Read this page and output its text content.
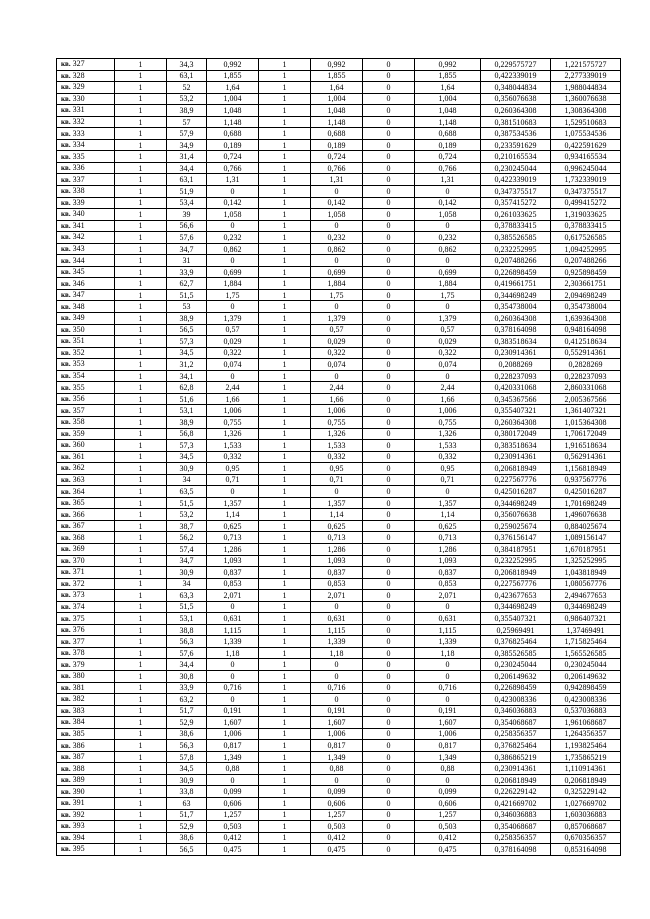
кв. 327	1	34,3	0,992	1	0,992	0	0,992	0,229575727	1,221575727
кв. 328	1	63,1	1,855	1	1,855	0	1,855	0,422339019	2,277339019
кв. 329	1	52	1,64	1	1,64	0	1,64	0,348044834	1,988044834
кв. 330	1	53,2	1,004	1	1,004	0	1,004	0,356076638	1,360076638
кв. 331	1	38,9	1,048	1	1,048	0	1,048	0,260364308	1,308364308
кв. 332	1	57	1,148	1	1,148	0	1,148	0,381510683	1,529510683
кв. 333	1	57,9	0,688	1	0,688	0	0,688	0,387534536	1,075534536
кв. 334	1	34,9	0,189	1	0,189	0	0,189	0,233591629	0,422591629
кв. 335	1	31,4	0,724	1	0,724	0	0,724	0,210165534	0,934165534
кв. 336	1	34,4	0,766	1	0,766	0	0,766	0,230245044	0,996245044
кв. 337	1	63,1	1,31	1	1,31	0	1,31	0,422339019	1,732339019
кв. 338	1	51,9	0	1	0	0	0	0,347375517	0,347375517
кв. 339	1	53,4	0,142	1	0,142	0	0,142	0,357415272	0,499415272
кв. 340	1	39	1,058	1	1,058	0	1,058	0,261033625	1,319033625
кв. 341	1	56,6	0	1	0	0	0	0,378833415	0,378833415
кв. 342	1	57,6	0,232	1	0,232	0	0,232	0,385526585	0,617526585
кв. 343	1	34,7	0,862	1	0,862	0	0,862	0,232252995	1,094252995
кв. 344	1	31	0	1	0	0	0	0,207488266	0,207488266
кв. 345	1	33,9	0,699	1	0,699	0	0,699	0,226898459	0,925898459
кв. 346	1	62,7	1,884	1	1,884	0	1,884	0,419661751	2,303661751
кв. 347	1	51,5	1,75	1	1,75	0	1,75	0,344698249	2,094698249
кв. 348	1	53	0	1	0	0	0	0,354738004	0,354738004
кв. 349	1	38,9	1,379	1	1,379	0	1,379	0,260364308	1,639364308
кв. 350	1	56,5	0,57	1	0,57	0	0,57	0,378164098	0,948164098
кв. 351	1	57,3	0,029	1	0,029	0	0,029	0,383518634	0,412518634
кв. 352	1	34,5	0,322	1	0,322	0	0,322	0,230914361	0,552914361
кв. 353	1	31,2	0,074	1	0,074	0	0,074	0,2088269	0,2828269
кв. 354	1	34,1	0	1	0	0	0	0,228237093	0,228237093
кв. 355	1	62,8	2,44	1	2,44	0	2,44	0,420331068	2,860331068
кв. 356	1	51,6	1,66	1	1,66	0	1,66	0,345367566	2,005367566
кв. 357	1	53,1	1,006	1	1,006	0	1,006	0,355407321	1,361407321
кв. 358	1	38,9	0,755	1	0,755	0	0,755	0,260364308	1,015364308
кв. 359	1	56,8	1,326	1	1,326	0	1,326	0,380172049	1,706172049
кв. 360	1	57,3	1,533	1	1,533	0	1,533	0,383518634	1,916518634
кв. 361	1	34,5	0,332	1	0,332	0	0,332	0,230914361	0,562914361
кв. 362	1	30,9	0,95	1	0,95	0	0,95	0,206818949	1,156818949
кв. 363	1	34	0,71	1	0,71	0	0,71	0,227567776	0,937567776
кв. 364	1	63,5	0	1	0	0	0	0,425016287	0,425016287
кв. 365	1	51,5	1,357	1	1,357	0	1,357	0,344698249	1,701698249
кв. 366	1	53,2	1,14	1	1,14	0	1,14	0,356076638	1,496076638
кв. 367	1	38,7	0,625	1	0,625	0	0,625	0,259025674	0,884025674
кв. 368	1	56,2	0,713	1	0,713	0	0,713	0,376156147	1,089156147
кв. 369	1	57,4	1,286	1	1,286	0	1,286	0,384187951	1,670187951
кв. 370	1	34,7	1,093	1	1,093	0	1,093	0,232252995	1,325252995
кв. 371	1	30,9	0,837	1	0,837	0	0,837	0,206818949	1,043818949
кв. 372	1	34	0,853	1	0,853	0	0,853	0,227567776	1,080567776
кв. 373	1	63,3	2,071	1	2,071	0	2,071	0,423677653	2,494677653
кв. 374	1	51,5	0	1	0	0	0	0,344698249	0,344698249
кв. 375	1	53,1	0,631	1	0,631	0	0,631	0,355407321	0,986407321
кв. 376	1	38,8	1,115	1	1,115	0	1,115	0,25969491	1,37469491
кв. 377	1	56,3	1,339	1	1,339	0	1,339	0,376825464	1,715825464
кв. 378	1	57,6	1,18	1	1,18	0	1,18	0,385526585	1,565526585
кв. 379	1	34,4	0	1	0	0	0	0,230245044	0,230245044
кв. 380	1	30,8	0	1	0	0	0	0,206149632	0,206149632
кв. 381	1	33,9	0,716	1	0,716	0	0,716	0,226898459	0,942898459
кв. 382	1	63,2	0	1	0	0	0	0,423008336	0,423008336
кв. 383	1	51,7	0,191	1	0,191	0	0,191	0,346036883	0,537036883
кв. 384	1	52,9	1,607	1	1,607	0	1,607	0,354068687	1,961068687
кв. 385	1	38,6	1,006	1	1,006	0	1,006	0,258356357	1,264356357
кв. 386	1	56,3	0,817	1	0,817	0	0,817	0,376825464	1,193825464
кв. 387	1	57,8	1,349	1	1,349	0	1,349	0,386865219	1,735865219
кв. 388	1	34,5	0,88	1	0,88	0	0,88	0,230914361	1,110914361
кв. 389	1	30,9	0	1	0	0	0	0,206818949	0,206818949
кв. 390	1	33,8	0,099	1	0,099	0	0,099	0,226229142	0,325229142
кв. 391	1	63	0,606	1	0,606	0	0,606	0,421669702	1,027669702
кв. 392	1	51,7	1,257	1	1,257	0	1,257	0,346036883	1,603036883
кв. 393	1	52,9	0,503	1	0,503	0	0,503	0,354068687	0,857068687
кв. 394	1	38,6	0,412	1	0,412	0	0,412	0,258356357	0,670356357
кв. 395	1	56,5	0,475	1	0,475	0	0,475	0,378164098	0,853164098
